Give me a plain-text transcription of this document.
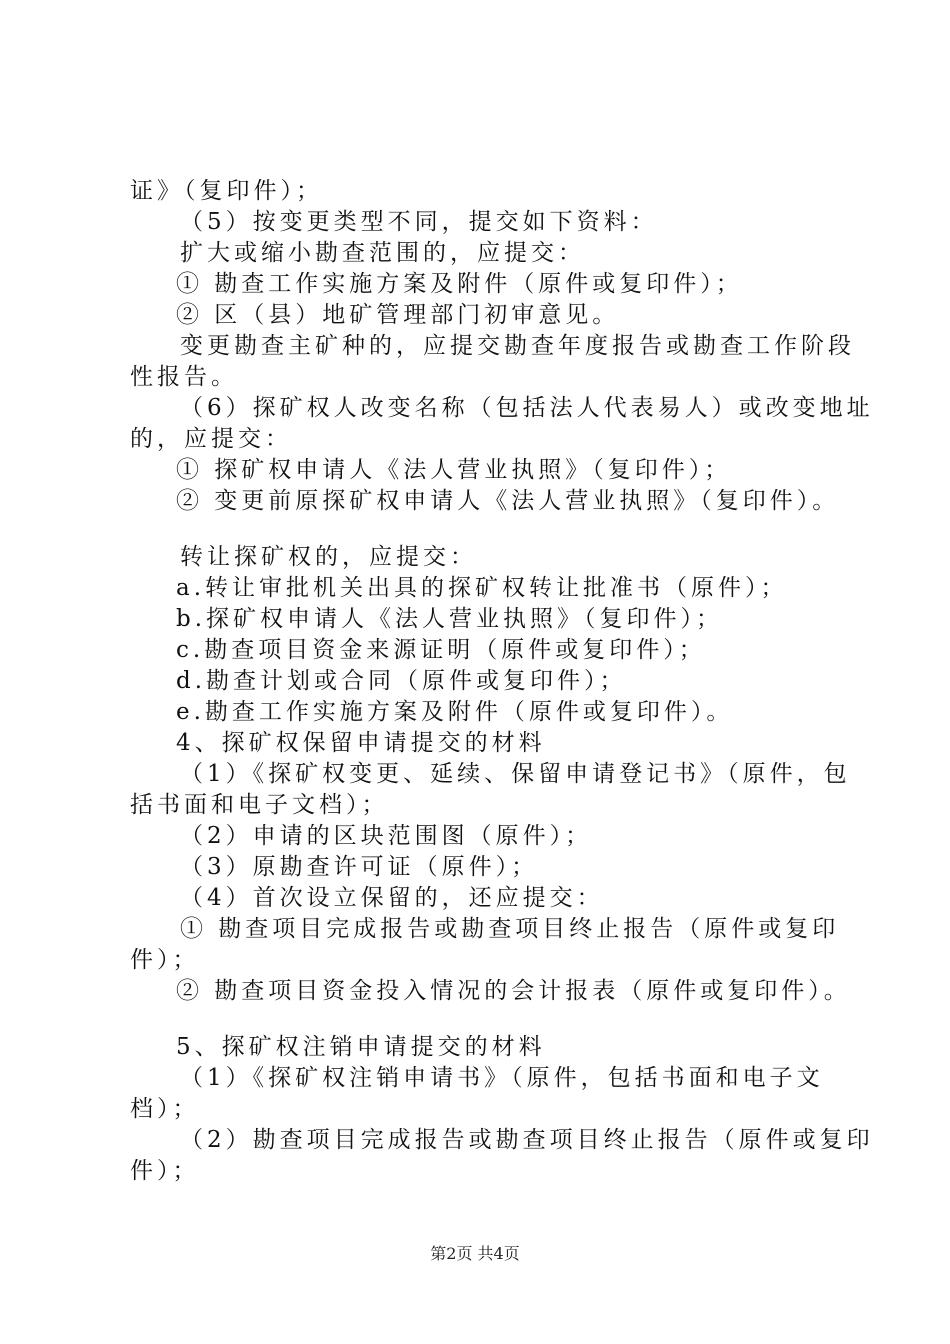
证》（复印件）；
（5）按变更类型不同，提交如下资料：
扩大或缩小勘查范围的，应提交：
① 勘查工作实施方案及附件（原件或复印件）；
② 区（县）地矿管理部门初审意见。
变更勘查主矿种的，应提交勘查年度报告或勘查工作阶段
性报告。
（6）探矿权人改变名称（包括法人代表易人）或改变地址
的，应提交：
① 探矿权申请人《法人营业执照》（复印件）；
② 变更前原探矿权申请人《法人营业执照》（复印件）。
转让探矿权的，应提交：
a.转让审批机关出具的探矿权转让批准书（原件）；
b.探矿权申请人《法人营业执照》（复印件）；
c.勘查项目资金来源证明（原件或复印件）；
d.勘查计划或合同（原件或复印件）；
e.勘查工作实施方案及附件（原件或复印件）。
4、探矿权保留申请提交的材料
（1）《探矿权变更、延续、保留申请登记书》（原件，包
括书面和电子文档）；
（2）申请的区块范围图（原件）；
（3）原勘查许可证（原件）；
（4）首次设立保留的，还应提交：
① 勘查项目完成报告或勘查项目终止报告（原件或复印
件）；
② 勘查项目资金投入情况的会计报表（原件或复印件）。
5、探矿权注销申请提交的材料
（1）《探矿权注销申请书》（原件，包括书面和电子文
档）；
（2）勘查项目完成报告或勘查项目终止报告（原件或复印
件）；
第2页 共4页
